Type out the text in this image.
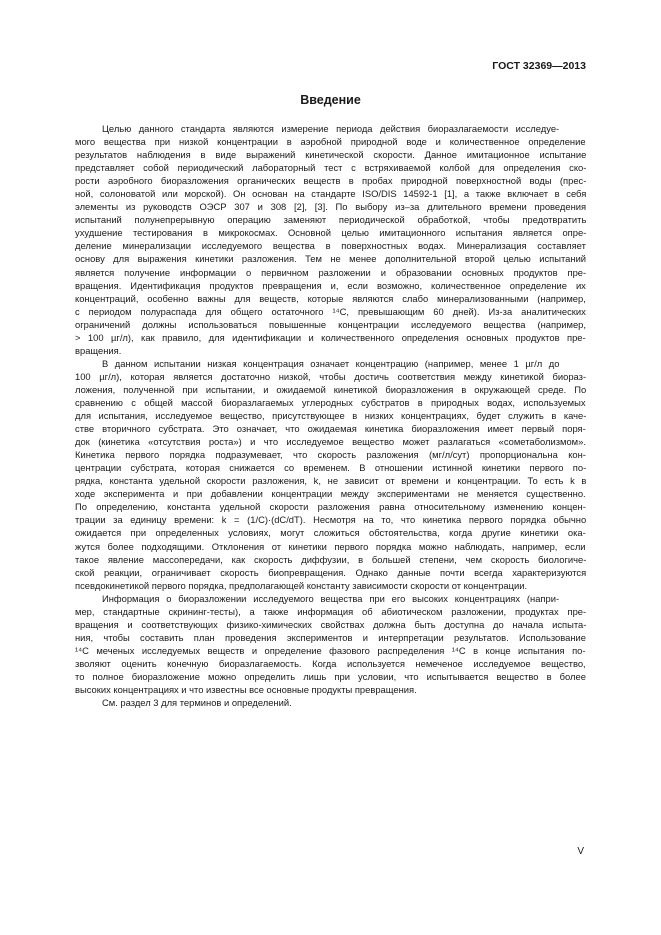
ГОСТ 32369—2013
Введение
Целью данного стандарта являются измерение периода действия биоразлагаемости исследуе-
мого вещества при низкой концентрации в аэробной природной воде и количественное определение
результатов наблюдения в виде выражений кинетической скорости. Данное имитационное испытание
представляет собой периодический лабораторный тест с встряхиваемой колбой для определения ско-
рости аэробного биоразложения органических веществ в пробах природной поверхностной воды (прес-
ной, солоноватой или морской). Он основан на стандарте ISO/DIS 14592-1 [1], а также включает в себя
элементы из руководств ОЭСР 307 и 308 [2], [3]. По выбору из–за длительного времени проведения
испытаний полунепрерывную операцию заменяют периодической обработкой, чтобы предотвратить
ухудшение тестирования в микрокосмах. Основной целью имитационного испытания является опре-
деление минерализации исследуемого вещества в поверхностных водах. Минерализация составляет
основу для выражения кинетики разложения. Тем не менее дополнительной второй целью испытаний
является получение информации о первичном разложении и образовании основных продуктов пре-
вращения. Идентификация продуктов превращения и, если возможно, количественное определение их
концентраций, особенно важны для веществ, которые являются слабо минерализованными (например,
с периодом полураспада для общего остаточного ¹⁴C, превышающим 60 дней). Из-за аналитических
ограничений должны использоваться повышенные концентрации исследуемого вещества (например,
> 100 µг/л), как правило, для идентификации и количественного определения основных продуктов пре-
вращения.
В данном испытании низкая концентрация означает концентрацию (например, менее 1 µг/л до
100 µг/л), которая является достаточно низкой, чтобы достичь соответствия между кинетикой биораз-
ложения, полученной при испытании, и ожидаемой кинетикой биоразложения в окружающей среде. По
сравнению с общей массой биоразлагаемых углеродных субстратов в природных водах, используемых
для испытания, исследуемое вещество, присутствующее в низких концентрациях, будет служить в каче-
стве вторичного субстрата. Это означает, что ожидаемая кинетика биоразложения имеет первый поря-
док (кинетика «отсутствия роста») и что исследуемое вещество может разлагаться «сометаболизмом».
Кинетика первого порядка подразумевает, что скорость разложения (мг/л/сут) пропорциональна кон-
центрации субстрата, которая снижается со временем. В отношении истинной кинетики первого по-
рядка, константа удельной скорости разложения, k, не зависит от времени и концентрации. То есть k в
ходе эксперимента и при добавлении концентрации между экспериментами не меняется существенно.
По определению, константа удельной скорости разложения равна относительному изменению концен-
трации за единицу времени: k = (1/C)·(dC/dT). Несмотря на то, что кинетика первого порядка обычно
ожидается при определенных условиях, могут сложиться обстоятельства, когда другие кинетики ока-
жутся более подходящими. Отклонения от кинетики первого порядка можно наблюдать, например, если
такое явление массопередачи, как скорость диффузии, в большей степени, чем скорость биологиче-
ской реакции, ограничивает скорость биопревращения. Однако данные почти всегда характеризуются
псевдокинетикой первого порядка, предполагающей константу зависимости скорости от концентрации.
Информация о биоразложении исследуемого вещества при его высоких концентрациях (напри-
мер, стандартные скрининг-тесты), а также информация об абиотическом разложении, продуктах пре-
вращения и соответствующих физико-химических свойствах должна быть доступна до начала испыта-
ния, чтобы составить план проведения экспериментов и интерпретации результатов. Использование
¹⁴C меченых исследуемых веществ и определение фазового распределения ¹⁴C в конце испытания по-
зволяют оценить конечную биоразлагаемость. Когда используется немеченое исследуемое вещество,
то полное биоразложение можно определить лишь при условии, что испытывается вещество в более
высоких концентрациях и что известны все основные продукты превращения.
См. раздел 3 для терминов и определений.
V
